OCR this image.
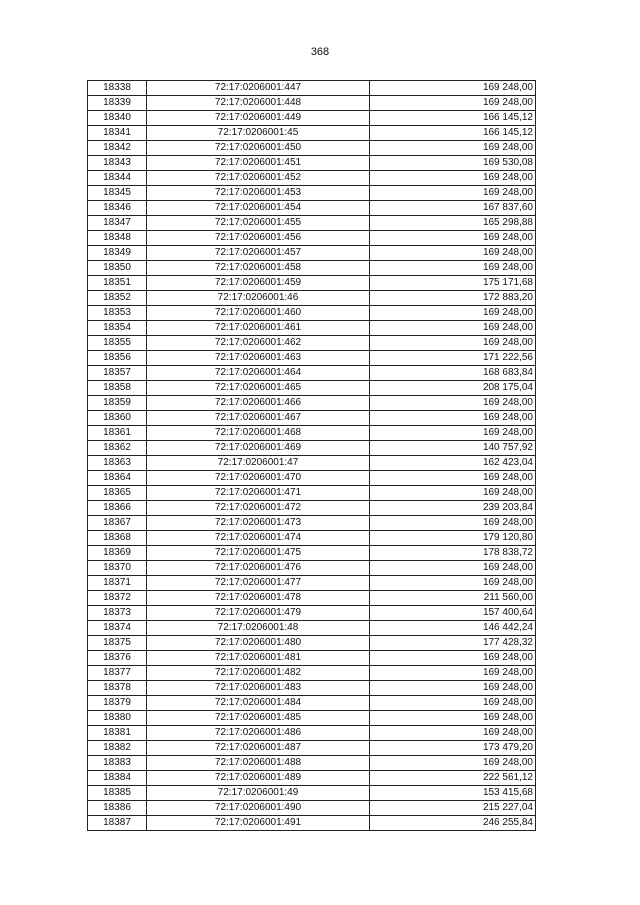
368
18338	72:17:0206001:447	169 248,00
18339	72:17:0206001:448	169 248,00
18340	72:17:0206001:449	166 145,12
18341	72:17:0206001:45	166 145,12
18342	72:17:0206001:450	169 248,00
18343	72:17:0206001:451	169 530,08
18344	72:17:0206001:452	169 248,00
18345	72:17:0206001:453	169 248,00
18346	72:17:0206001:454	167 837,60
18347	72:17:0206001:455	165 298,88
18348	72:17:0206001:456	169 248,00
18349	72:17:0206001:457	169 248,00
18350	72:17:0206001:458	169 248,00
18351	72:17:0206001:459	175 171,68
18352	72:17:0206001:46	172 883,20
18353	72:17:0206001:460	169 248,00
18354	72:17:0206001:461	169 248,00
18355	72:17:0206001:462	169 248,00
18356	72:17:0206001:463	171 222,56
18357	72:17:0206001:464	168 683,84
18358	72:17:0206001:465	208 175,04
18359	72:17:0206001:466	169 248,00
18360	72:17:0206001:467	169 248,00
18361	72:17:0206001:468	169 248,00
18362	72:17:0206001:469	140 757,92
18363	72:17:0206001:47	162 423,04
18364	72:17:0206001:470	169 248,00
18365	72:17:0206001:471	169 248,00
18366	72:17:0206001:472	239 203,84
18367	72:17:0206001:473	169 248,00
18368	72:17:0206001:474	179 120,80
18369	72:17:0206001:475	178 838,72
18370	72:17:0206001:476	169 248,00
18371	72:17:0206001:477	169 248,00
18372	72:17:0206001:478	211 560,00
18373	72:17:0206001:479	157 400,64
18374	72:17:0206001:48	146 442,24
18375	72:17:0206001:480	177 428,32
18376	72:17:0206001:481	169 248,00
18377	72:17:0206001:482	169 248,00
18378	72:17:0206001:483	169 248,00
18379	72:17:0206001:484	169 248,00
18380	72:17:0206001:485	169 248,00
18381	72:17:0206001:486	169 248,00
18382	72:17:0206001:487	173 479,20
18383	72:17:0206001:488	169 248,00
18384	72:17:0206001:489	222 561,12
18385	72:17:0206001:49	153 415,68
18386	72:17:0206001:490	215 227,04
18387	72:17:0206001:491	246 255,84
